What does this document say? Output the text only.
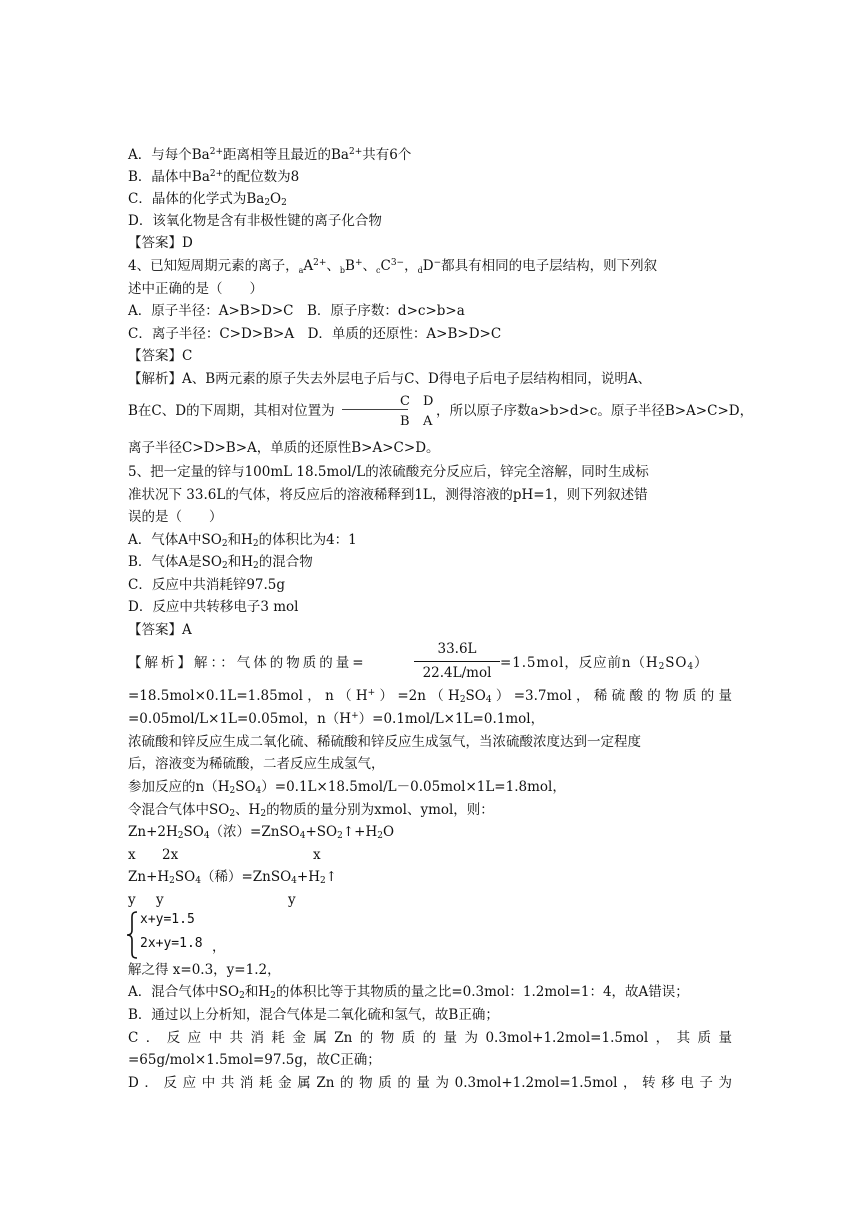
A．与每个$Ba^{2+}$距离相等且最近的$Ba^{2+}$共有6个
B．晶体中$Ba^{2+}$的配位数为8
C．晶体的化学式为$Ba_2O_2$
D．该氧化物是含有非极性键的离子化合物
【答案】D
4、已知短周期元素的离子，$_aA^{2+}$、$_b$B+、$_cC^{3-}$，$_d$D−都具有相同的电子层结构，则下列叙
述中正确的是（　　）
A．原子半径：A>B>D>C　B．原子序数：d>c>b>a
C．离子半径：C>D>B>A　D．单质的还原性：A>B>D>C
【答案】C
【解析】A、B两元素的原子失去外层电子后与C、D得电子后电子层结构相同，说明A、
B在C、D的下周期，其相对位置为
C D
B A
，所以原子序数a>b>d>c。原子半径B>A>C>D，
离子半径C>D>B>A，单质的还原性B>A>C>D。
5、把一定量的锌与100mL 18.5mol/L的浓硫酸充分反应后，锌完全溶解，同时生成标
准状况下 33.6L的气体，将反应后的溶液稀释到1L，测得溶液的pH=1，则下列叙述错
误的是（　　）
A．气体A中$SO_2$和$H_2$的体积比为4：1
B．气体A是$SO_2$和$H_2$的混合物
C．反应中共消耗锌97.5g
D．反应中共转移电子3 mol
【答案】A
【解析】解：：气体的物质的量=
33.6L
22.4L/mol
=1.5mol，反应前$n(H_2SO_4)$
=18.5mol×0.1L=1.85mol，$n(H^+)=2n(H_2SO_4)=3.7mol$，稀硫酸的物质的量
=0.05mol/L×1L=0.05mol，n（H+）=0.1mol/L×1L=0.1mol，
浓硫酸和锌反应生成二氧化硫、稀硫酸和锌反应生成氢气，当浓硫酸浓度达到一定程度
后，溶液变为稀硫酸，二者反应生成氢气，
参加反应的$n(H_2SO_4)=0.1L\times 18.5mol/L-0.05mol\times 1L=1.8mol$，
令混合气体中$SO_2$、$H_2$的物质的量分别为xmol、ymol，则：
$Zn+2H_2SO_4$（浓）$=ZnSO_4+SO_2↑+H_2O$
x 2x	x
$Zn+H_2SO_4$（稀）$=ZnSO_4+H_2↑$
y y	y
x+y=1.5
2x+y=1.8 ，
解之得 x=0.3，y=1.2，
A．混合气体中$SO_2$和$H_2$的体积比等于其物质的量之比=0.3mol：1.2mol=1：4，故A错误；
B．通过以上分析知，混合气体是二氧化硫和氢气，故B正确；
C．反应中共消耗金属Zn的物质的量为0.3mol+1.2mol=1.5mol，其质量
=65g/mol×1.5mol=97.5g，故C正确；
D．反应中共消耗金属Zn的物质的量为0.3mol+1.2mol=1.5mol，转移电子为
